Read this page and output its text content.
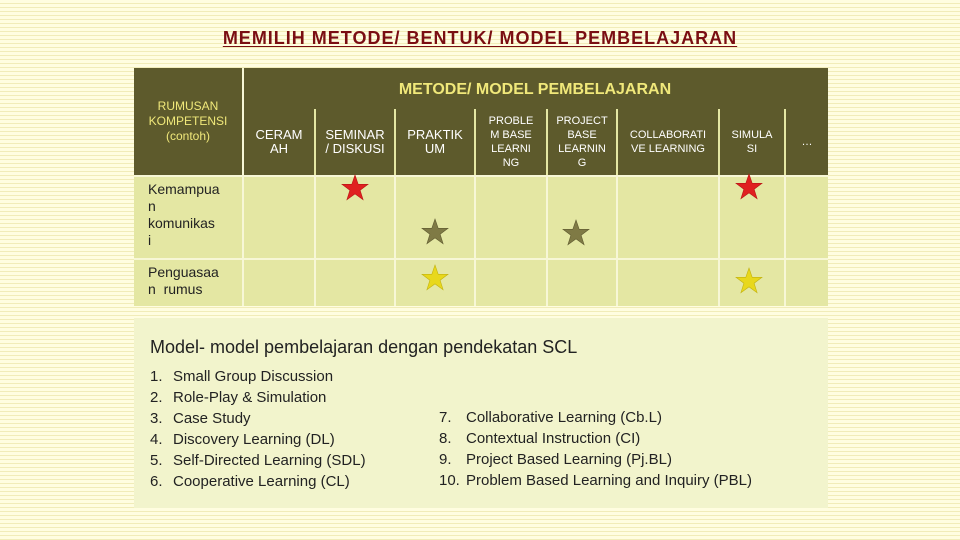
MEMILIH METODE/ BENTUK/ MODEL PEMBELAJARAN
RUMUSAN
KOMPETENSI
(contoh)
METODE/ MODEL PEMBELAJARAN
CERAM
AH
SEMINAR
/ DISKUSI
PRAKTIK
UM
PROBLE
M BASE
LEARNI
NG
PROJECT
BASE
LEARNIN
G
COLLABORATI
VE LEARNING
SIMULA
SI
…
Kemampua
n
komunikas
i
Penguasaa
n  rumus
Model- model pembelajaran dengan pendekatan SCL
1. Small Group Discussion
2. Role-Play & Simulation
3. Case Study
4. Discovery Learning (DL)
5. Self-Directed Learning (SDL)
6. Cooperative Learning (CL)
7. Collaborative Learning (Cb.L)
8. Contextual Instruction (CI)
9. Project Based Learning (Pj.BL)
10. Problem Based Learning and Inquiry (PBL)
